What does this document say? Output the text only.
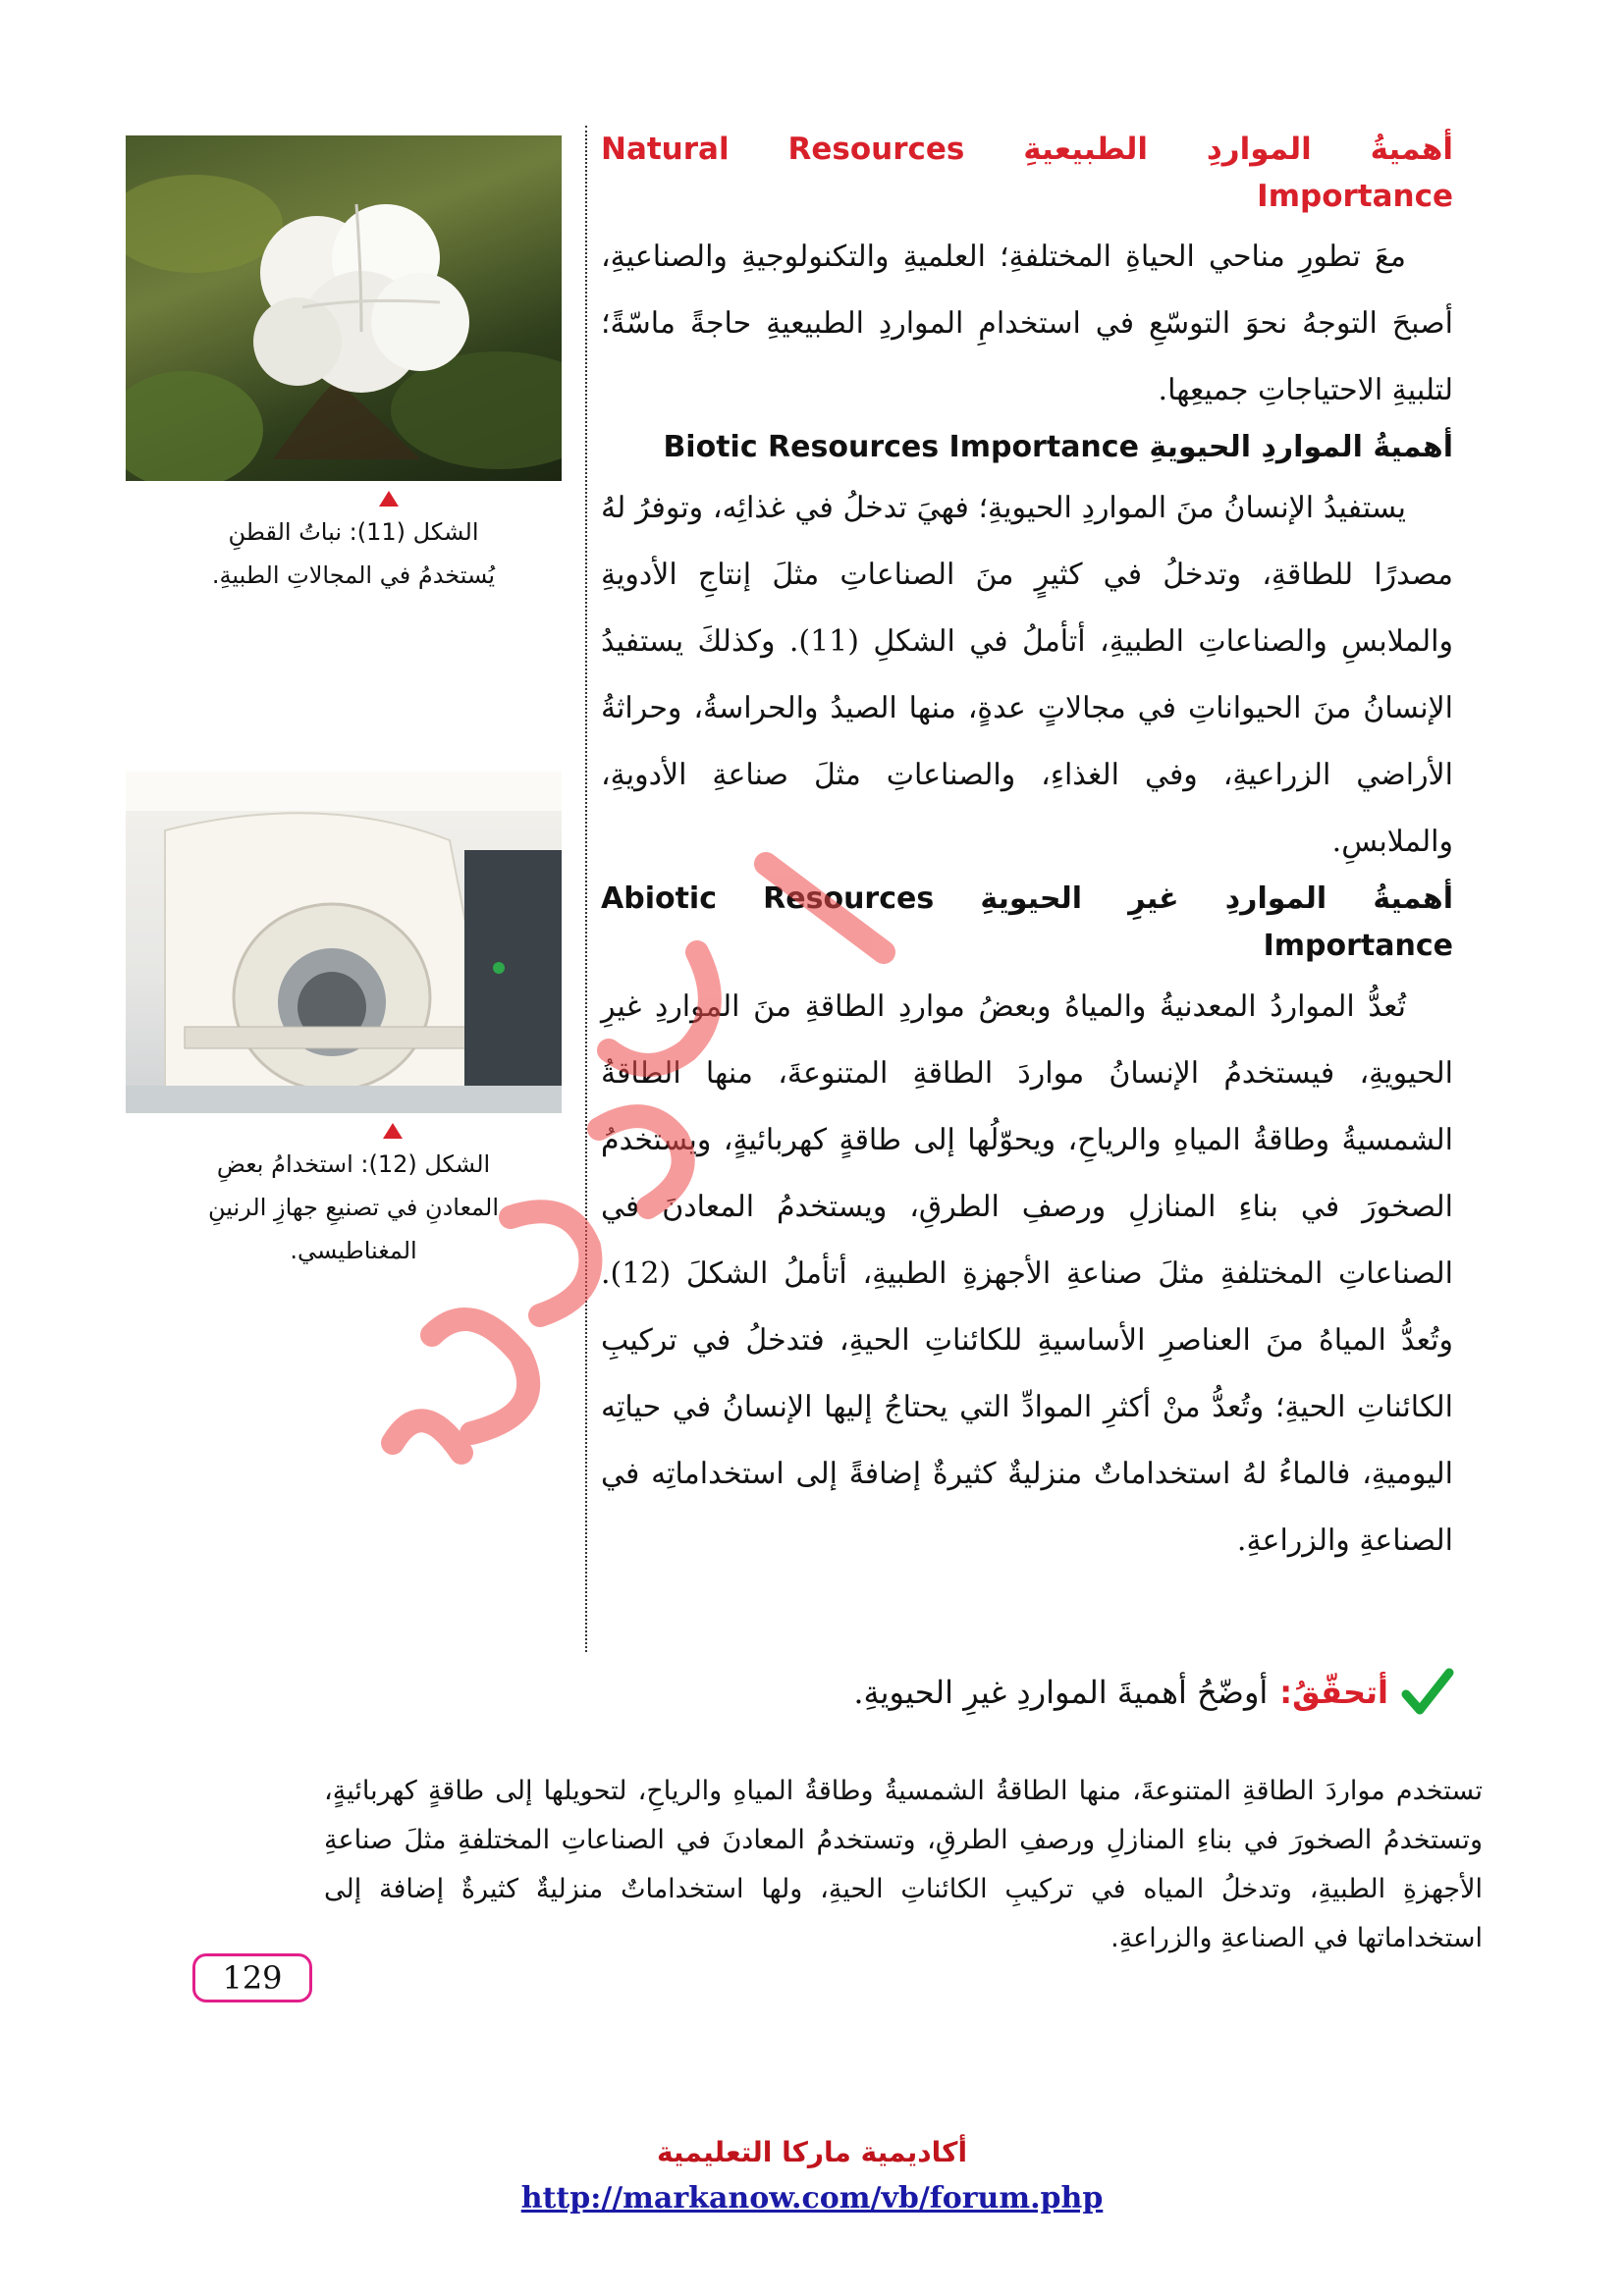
أهميةُ المواردِ الطبيعيةِ Natural Resources Importance

معَ تطورِ مناحي الحياةِ المختلفةِ؛ العلميةِ والتكنولوجيةِ والصناعيةِ، أصبحَ التوجهُ نحوَ التوسّعِ في استخدامِ المواردِ الطبيعيةِ حاجةً ماسّةً؛ لتلبيةِ الاحتياجاتِ جميعِها.

أهميةُ المواردِ الحيويةِ Biotic Resources Importance

يستفيدُ الإنسانُ منَ المواردِ الحيويةِ؛ فهيَ تدخلُ في غذائِه، وتوفرُ لهُ مصدرًا للطاقةِ، وتدخلُ في كثيرٍ منَ الصناعاتِ مثلَ إنتاجِ الأدويةِ والملابسِ والصناعاتِ الطبيةِ، أتأملُ في الشكلِ (11). وكذلكَ يستفيدُ الإنسانُ منَ الحيواناتِ في مجالاتٍ عدةٍ، منها الصيدُ والحراسةُ، وحراثةُ الأراضي الزراعيةِ، وفي الغذاءِ، والصناعاتِ مثلَ صناعةِ الأدويةِ، والملابسِ.

أهميةُ المواردِ غيرِ الحيويةِ Abiotic Resources Importance

تُعدُّ المواردُ المعدنيةُ والمياهُ وبعضُ مواردِ الطاقةِ منَ المواردِ غيرِ الحيويةِ، فيستخدمُ الإنسانُ مواردَ الطاقةِ المتنوعةَ، منها الطاقةُ الشمسيةُ وطاقةُ المياهِ والرياحِ، ويحوّلُها إلى طاقةٍ كهربائيةٍ، ويستخدمُ الصخورَ في بناءِ المنازلِ ورصفِ الطرقِ، ويستخدمُ المعادنَ في الصناعاتِ المختلفةِ مثلَ صناعةِ الأجهزةِ الطبيةِ، أتأملُ الشكلَ (12). وتُعدُّ المياهُ منَ العناصرِ الأساسيةِ للكائناتِ الحيةِ، فتدخلُ في تركيبِ الكائناتِ الحيةِ؛ وتُعدُّ منْ أكثرِ الموادِّ التي يحتاجُ إليها الإنسانُ في حياتِه اليوميةِ، فالماءُ لهُ استخداماتٌ منزليةٌ كثيرةٌ إضافةً إلى استخداماتِه في الصناعةِ والزراعةِ.

الشكل (11): نباتُ القطنِ
يُستخدمُ في المجالاتِ الطبيةِ.
الشكل (12): استخدامُ بعضِ
المعادنِ في تصنيعِ جهازِ الرنينِ
المغناطيسي.
أتحقّقُ:
أوضّحُ أهميةَ المواردِ غيرِ الحيويةِ.

تستخدم مواردَ الطاقةِ المتنوعةَ، منها الطاقةُ الشمسيةُ وطاقةُ المياهِ والرياحِ، لتحويلها إلى طاقةٍ كهربائيةٍ، وتستخدمُ الصخورَ في بناءِ المنازلِ ورصفِ الطرقِ، وتستخدمُ المعادنَ في الصناعاتِ المختلفةِ مثلَ صناعةِ الأجهزةِ الطبيةِ، وتدخلُ المياه في تركيبِ الكائناتِ الحيةِ، ولها استخداماتٌ منزليةٌ كثيرةٌ إضافة إلى استخداماتها في الصناعةِ والزراعةِ.

129
أكاديمية ماركا التعليمية
http://markanow.com/vb/forum.php
